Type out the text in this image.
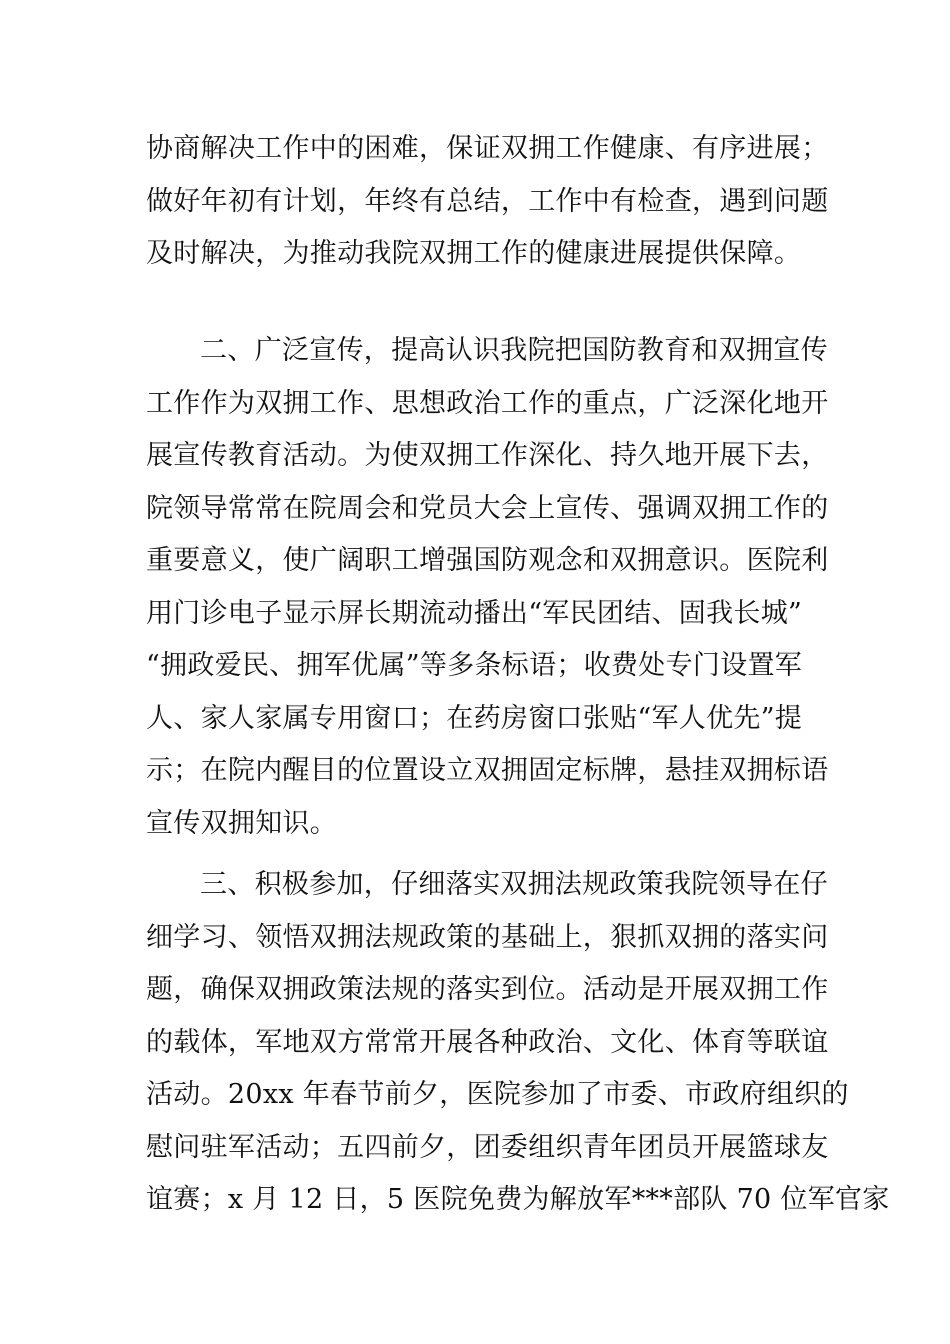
协商解决工作中的困难，保证双拥工作健康、有序进展；
做好年初有计划，年终有总结，工作中有检查，遇到问题
及时解决，为推动我院双拥工作的健康进展提供保障。
二、广泛宣传，提高认识我院把国防教育和双拥宣传
工作作为双拥工作、思想政治工作的重点，广泛深化地开
展宣传教育活动。为使双拥工作深化、持久地开展下去，
院领导常常在院周会和党员大会上宣传、强调双拥工作的
重要意义，使广阔职工增强国防观念和双拥意识。医院利
用门诊电子显示屏长期流动播出“军民团结、固我长城”
“拥政爱民、拥军优属”等多条标语；收费处专门设置军
人、家人家属专用窗口；在药房窗口张贴“军人优先”提
示；在院内醒目的位置设立双拥固定标牌，悬挂双拥标语
宣传双拥知识。
三、积极参加，仔细落实双拥法规政策我院领导在仔
细学习、领悟双拥法规政策的基础上，狠抓双拥的落实问
题，确保双拥政策法规的落实到位。活动是开展双拥工作
的载体，军地双方常常开展各种政治、文化、体育等联谊
活动。20xx 年春节前夕，医院参加了市委、市政府组织的
慰问驻军活动；五四前夕，团委组织青年团员开展篮球友
谊赛；x 月 12 日，5 医院免费为解放军***部队 70 位军官家
